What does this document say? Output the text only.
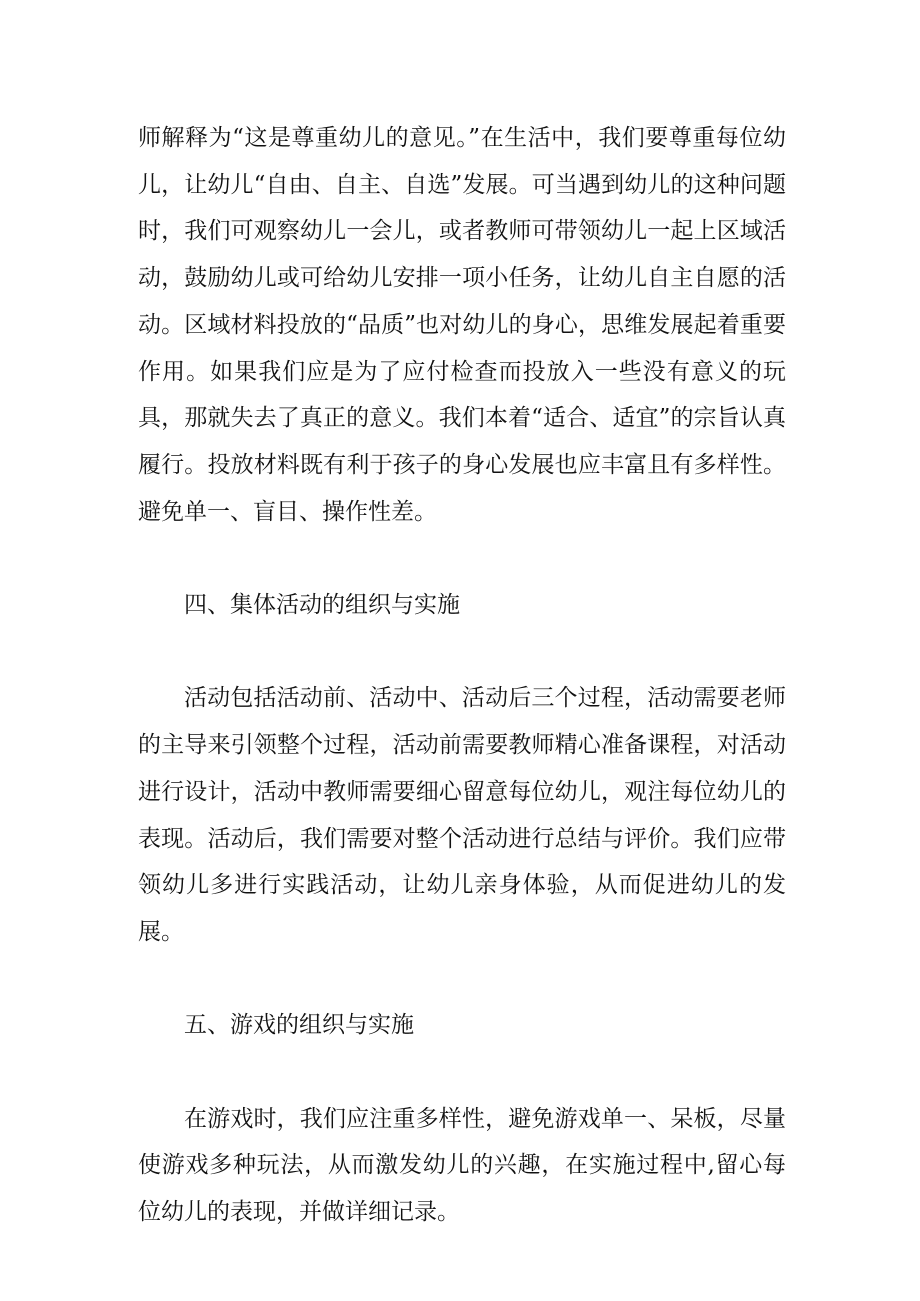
师解释为“这是尊重幼儿的意见。”在生活中，我们要尊重每位幼儿，让幼儿“自由、自主、自选”发展。可当遇到幼儿的这种问题时，我们可观察幼儿一会儿，或者教师可带领幼儿一起上区域活动，鼓励幼儿或可给幼儿安排一项小任务，让幼儿自主自愿的活动。区域材料投放的“品质”也对幼儿的身心，思维发展起着重要作用。如果我们应是为了应付检查而投放入一些没有意义的玩具，那就失去了真正的意义。我们本着“适合、适宜”的宗旨认真履行。投放材料既有利于孩子的身心发展也应丰富且有多样性。避免单一、盲目、操作性差。

四、集体活动的组织与实施

活动包括活动前、活动中、活动后三个过程，活动需要老师的主导来引领整个过程，活动前需要教师精心准备课程，对活动进行设计，活动中教师需要细心留意每位幼儿，观注每位幼儿的表现。活动后，我们需要对整个活动进行总结与评价。我们应带领幼儿多进行实践活动，让幼儿亲身体验，从而促进幼儿的发展。

五、游戏的组织与实施

在游戏时，我们应注重多样性，避免游戏单一、呆板，尽量使游戏多种玩法，从而激发幼儿的兴趣，在实施过程中,留心每位幼儿的表现，并做详细记录。
